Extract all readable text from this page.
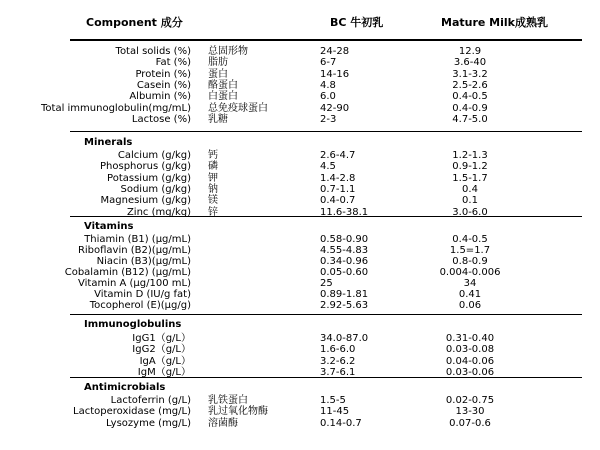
Component 成分	BC 牛初乳	Mature Milk成熟乳
Total solids (%) 总固形物	24-28	12.9
Fat (%) 脂肪	6-7	3.6-40
Protein (%) 蛋白	14-16	3.1-3.2
Casein (%) 酪蛋白	4.8	2.5-2.6
Albumin (%) 白蛋白	6.0	0.4-0.5
Total immunoglobulin(mg/mL) 总免疫球蛋白	42-90	0.4-0.9
Lactose (%) 乳糖	2-3	4.7-5.0
Minerals
Calcium (g/kg) 钙	2.6-4.7	1.2-1.3
Phosphorus (g/kg) 磷	4.5	0.9-1.2
Potassium (g/kg) 钾	1.4-2.8	1.5-1.7
Sodium (g/kg) 钠	0.7-1.1	0.4
Magnesium (g/kg) 镁	0.4-0.7	0.1
Zinc (mg/kg) 锌	11.6-38.1	3.0-6.0
Vitamins
Thiamin (B1) (μg/mL)	0.58-0.90	0.4-0.5
Riboflavin (B2)(μg/mL)	4.55-4.83	1.5=1.7
Niacin (B3)(μg/mL)	0.34-0.96	0.8-0.9
Cobalamin (B12) (μg/mL)	0.05-0.60	0.004-0.006
Vitamin A (μg/100 mL)	25	34
Vitamin D (IU/g fat)	0.89-1.81	0.41
Tocopherol (E)(μg/g)	2.92-5.63	0.06
Immunoglobulins
IgG1（g/L）	34.0-87.0	0.31-0.40
IgG2（g/L）	1.6-6.0	0.03-0.08
IgA（g/L）	3.2-6.2	0.04-0.06
IgM（g/L）	3.7-6.1	0.03-0.06
Antimicrobials
Lactoferrin (g/L) 乳铁蛋白	1.5-5	0.02-0.75
Lactoperoxidase (mg/L) 乳过氧化物酶	11-45	13-30
Lysozyme (mg/L) 溶菌酶	0.14-0.7	0.07-0.6
